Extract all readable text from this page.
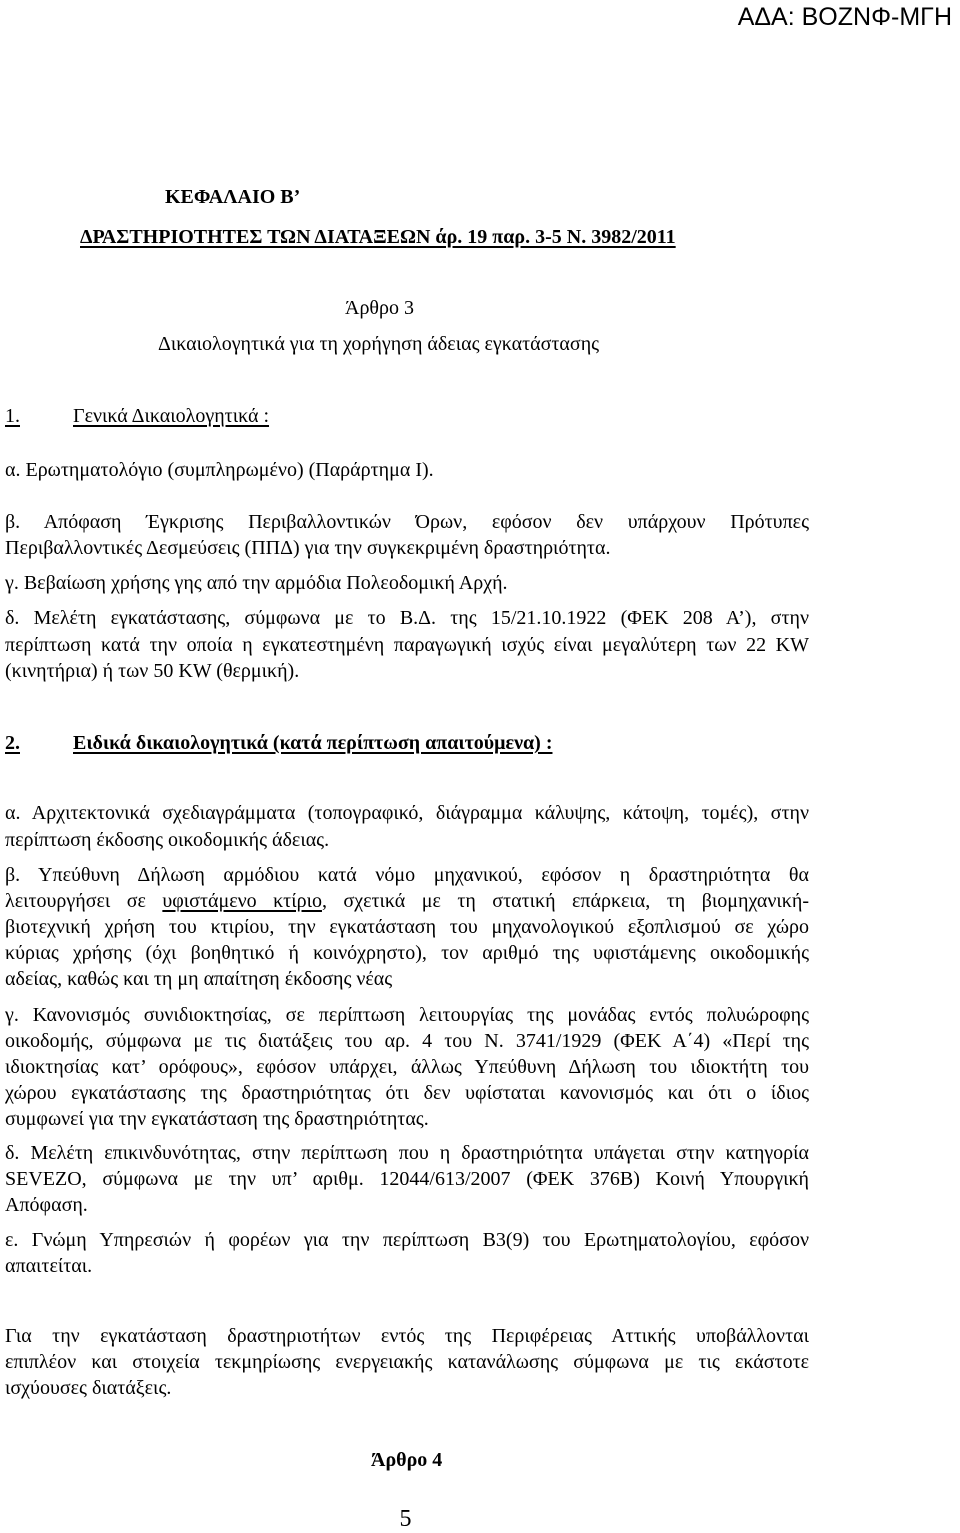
ΑΔΑ: ΒΟΖΝΦ-ΜΓΗ
ΚΕΦΑΛΑΙΟ Β’
ΔΡΑΣΤΗΡΙΟΤΗΤΕΣ ΤΩΝ ΔΙΑΤΑΞΕΩΝ άρ. 19 παρ. 3-5 Ν. 3982/2011
Άρθρο 3
Δικαιολογητικά για τη χορήγηση άδειας εγκατάστασης
1.	Γενικά Δικαιολογητικά :
α. Ερωτηματολόγιο (συμπληρωμένο) (Παράρτημα Ι).
β. Απόφαση Έγκρισης Περιβαλλοντικών Όρων, εφόσον δεν υπάρχουν Πρότυπες
Περιβαλλοντικές Δεσμεύσεις (ΠΠΔ) για την συγκεκριμένη δραστηριότητα.
γ. Βεβαίωση χρήσης γης από την αρμόδια Πολεοδομική Αρχή.
δ. Μελέτη εγκατάστασης, σύμφωνα με το Β.Δ. της 15/21.10.1922 (ΦΕΚ 208 Α’), στην
περίπτωση κατά την οποία η εγκατεστημένη παραγωγική ισχύς είναι μεγαλύτερη των 22 KW
(κινητήρια) ή των 50 KW (θερμική).
2.	Ειδικά δικαιολογητικά (κατά περίπτωση απαιτούμενα) :
α. Αρχιτεκτονικά σχεδιαγράμματα (τοπογραφικό, διάγραμμα κάλυψης, κάτοψη, τομές), στην
περίπτωση έκδοσης οικοδομικής άδειας.
β. Υπεύθυνη Δήλωση αρμόδιου κατά νόμο μηχανικού, εφόσον η δραστηριότητα θα
λειτουργήσει σε υφιστάμενο κτίριο, σχετικά με τη στατική επάρκεια, τη βιομηχανική-
βιοτεχνική χρήση του κτιρίου, την εγκατάσταση του μηχανολογικού εξοπλισμού σε χώρο
κύριας χρήσης (όχι βοηθητικό ή κοινόχρηστο), τον αριθμό της υφιστάμενης οικοδομικής
αδείας, καθώς και τη μη απαίτηση έκδοσης νέας
γ. Κανονισμός συνιδιοκτησίας, σε περίπτωση λειτουργίας της μονάδας εντός πολυώροφης
οικοδομής, σύμφωνα με τις διατάξεις του αρ. 4 του Ν. 3741/1929 (ΦΕΚ Α΄4) «Περί της
ιδιοκτησίας κατ’ ορόφους», εφόσον υπάρχει, άλλως Υπεύθυνη Δήλωση του ιδιοκτήτη του
χώρου εγκατάστασης της δραστηριότητας ότι δεν υφίσταται κανονισμός και ότι ο ίδιος
συμφωνεί για την εγκατάσταση της δραστηριότητας.
δ. Μελέτη επικινδυνότητας, στην περίπτωση που η δραστηριότητα υπάγεται στην κατηγορία
SEVEZO, σύμφωνα με την υπ’ αριθμ. 12044/613/2007 (ΦΕΚ 376Β) Κοινή Υπουργική
Απόφαση.
ε. Γνώμη Υπηρεσιών ή φορέων για την περίπτωση Β3(9) του Ερωτηματολογίου, εφόσον
απαιτείται.
Για την εγκατάσταση δραστηριοτήτων εντός της Περιφέρειας Αττικής υποβάλλονται
επιπλέον και στοιχεία τεκμηρίωσης ενεργειακής κατανάλωσης σύμφωνα με τις εκάστοτε
ισχύουσες διατάξεις.
Άρθρο 4
5
